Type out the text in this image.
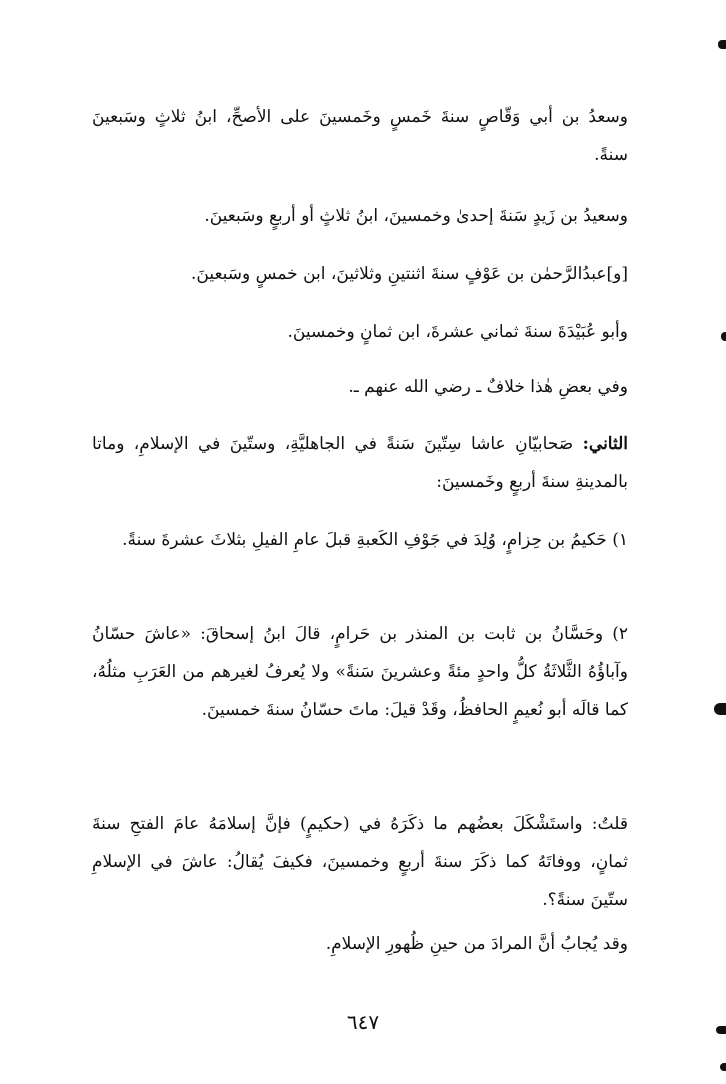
وسعدُ بن أبي وَقّاصٍ سنةَ خَمسٍ وخَمسينَ على الأصحِّ، ابنُ ثلاثٍ وسَبعينَ سنةً.
وسعيدُ بن زَيدٍ سَنةَ إحدىٰ وخمسينَ، ابنُ ثلاثٍ أو أربعٍ وسَبعينَ.
[و]عبدُالرَّحمٰن بن عَوْفٍ سنةَ اثنتينِ وثلاثينَ، ابن خمسٍ وسَبعينَ.
وأبو عُبَيْدَةَ سنةَ ثماني عشرةَ، ابن ثمانٍ وخمسينَ.
وفي بعضِ هٰذا خلافٌ ـ رضي الله عنهم ـ.
الثاني: صَحابيّانِ عاشا سِتّينَ سَنةً في الجاهليَّةِ، وستّينَ في الإسلامِ، وماتا بالمدينةِ سنةَ أربعٍ وخَمسينَ:
١) حَكيمُ بن حِزامٍ، وُلِدَ في جَوْفِ الكَعبةِ قبلَ عامِ الفيلِ بثلاثَ عشرةَ سنةً.
٢) وحَسَّانُ بن ثابت بن المنذر بن حَرامٍ، قالَ ابنُ إسحاقَ: «عاشَ حسّانُ وآباؤُهُ الثَّلاثَةُ كلُّ واحدٍ مئةً وعشرينَ سَنةً» ولا يُعرفُ لغيرهم من العَرَبِ مثلُهُ، كما قالَه أبو نُعيمٍ الحافظُ، وقَدْ قيلَ: ماتَ حسّانُ سنةَ خمسينَ.
قلتُ: واستَشْكَلَ بعضُهم ما ذكَرَهُ في (حكيمٍ) فإنَّ إسلامَهُ عامَ الفتحِ سنةَ ثمانٍ، ووفاتَهُ كما ذكَرَ سنةَ أربعٍ وخمسينَ، فكيفَ يُقالُ: عاشَ في الإسلامِ ستّينَ سنةً؟.
وقد يُجابُ أنَّ المرادَ من حينِ ظُهورِ الإسلامِ.
٦٤٧
